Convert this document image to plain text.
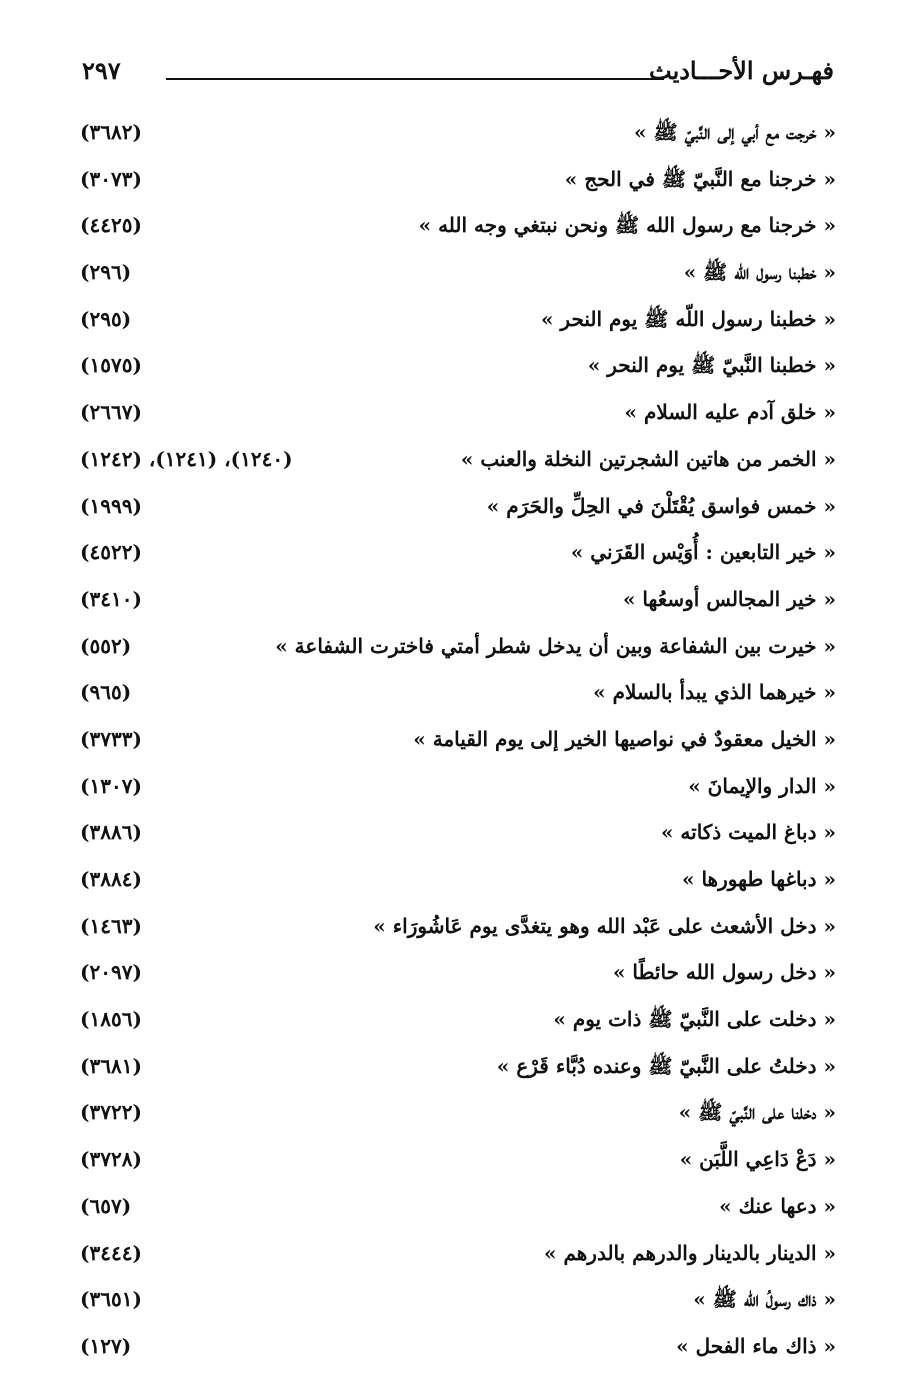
٢٩٧	فهـرس الأحـــاديث
« خرجت مع أبي إلى النَّبيّ ﷺ »
(٣٦٨٢)
« خرجنا مع النَّبيّ ﷺ في الحج »
(٣٠٧٣)
« خرجنا مع رسول الله ﷺ ونحن نبتغي وجه الله »
(٤٤٢٥)
« خطبنا رسول اللّه ﷺ »
(٢٩٦)
« خطبنا رسول اللّه ﷺ يوم النحر »
(٢٩٥)
« خطبنا النَّبيّ ﷺ يوم النحر »
(١٥٧٥)
« خلق آدم عليه السلام »
(٢٦٦٧)
« الخمر من هاتين الشجرتين النخلة والعنب »
(١٢٤٠)، (١٢٤١)، (١٢٤٢)
« خمس فواسق يُقْتَلْنَ في الحِلِّ والحَرَم »
(١٩٩٩)
« خير التابعين : أُوَيْس القَرَني »
(٤٥٢٢)
« خير المجالس أوسعُها »
(٣٤١٠)
« خيرت بين الشفاعة وبين أن يدخل شطر أمتي فاخترت الشفاعة »
(٥٥٢)
« خيرهما الذي يبدأ بالسلام »
(٩٦٥)
« الخيل معقودٌ في نواصيها الخير إلى يوم القيامة »
(٣٧٣٣)
« الدار والإيمانَ »
(١٣٠٧)
« دباغ الميت ذكاته »
(٣٨٨٦)
« دباغها طهورها »
(٣٨٨٤)
« دخل الأشعث على عَبْد الله وهو يتغدَّى يوم عَاشُورَاء »
(١٤٦٣)
« دخل رسول الله حائطًا »
(٢٠٩٧)
« دخلت على النَّبيّ ﷺ ذات يوم »
(١٨٥٦)
« دخلتُ على النَّبيّ ﷺ وعنده دُبَّاء قَرْع »
(٣٦٨١)
« دخلنا على النَّبيّ ﷺ »
(٣٧٢٢)
« دَعْ دَاعِي اللَّبَن »
(٣٧٢٨)
« دعها عنك »
(٦٥٧)
« الدينار بالدينار والدرهم بالدرهم »
(٣٤٤٤)
« ذاك رسولُ الله ﷺ »
(٣٦٥١)
« ذاك ماء الفحل »
(١٢٧)
